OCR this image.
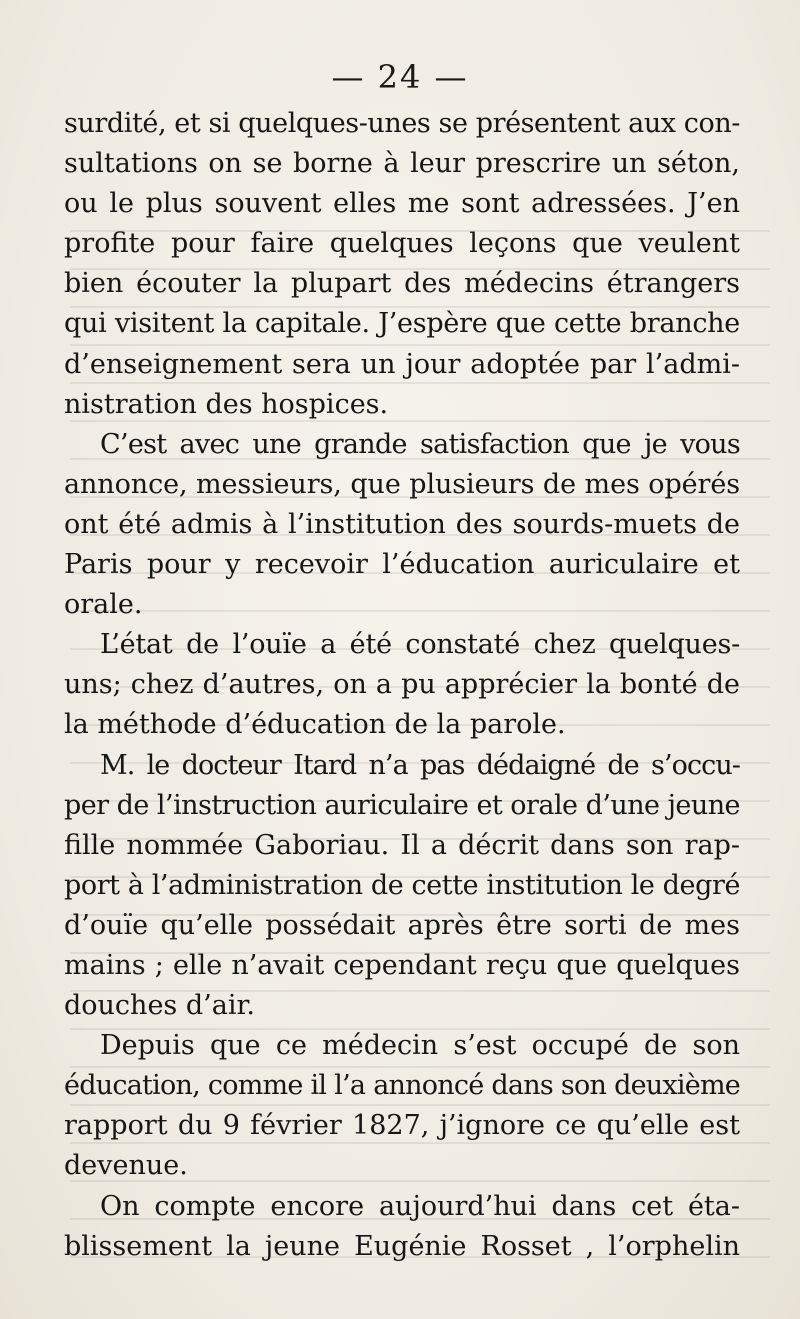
— 24 —
surdité, et si quelques-unes se présentent aux con-
sultations on se borne à leur prescrire un séton,
ou le plus souvent elles me sont adressées. J’en
profite pour faire quelques leçons que veulent
bien écouter la plupart des médecins étrangers
qui visitent la capitale. J’espère que cette branche
d’enseignement sera un jour adoptée par l’admi-
nistration des hospices.
C’est avec une grande satisfaction que je vous
annonce, messieurs, que plusieurs de mes opérés
ont été admis à l’institution des sourds-muets de
Paris pour y recevoir l’éducation auriculaire et
orale.
L’état de l’ouïe a été constaté chez quelques-
uns; chez d’autres, on a pu apprécier la bonté de
la méthode d’éducation de la parole.
M. le docteur Itard n’a pas dédaigné de s’occu-
per de l’instruction auriculaire et orale d’une jeune
fille nommée Gaboriau. Il a décrit dans son rap-
port à l’administration de cette institution le degré
d’ouïe qu’elle possédait après être sorti de mes
mains ; elle n’avait cependant reçu que quelques
douches d’air.
Depuis que ce médecin s’est occupé de son
éducation, comme il l’a annoncé dans son deuxième
rapport du 9 février 1827, j’ignore ce qu’elle est
devenue.
On compte encore aujourd’hui dans cet éta-
blissement la jeune Eugénie Rosset , l’orphelin
